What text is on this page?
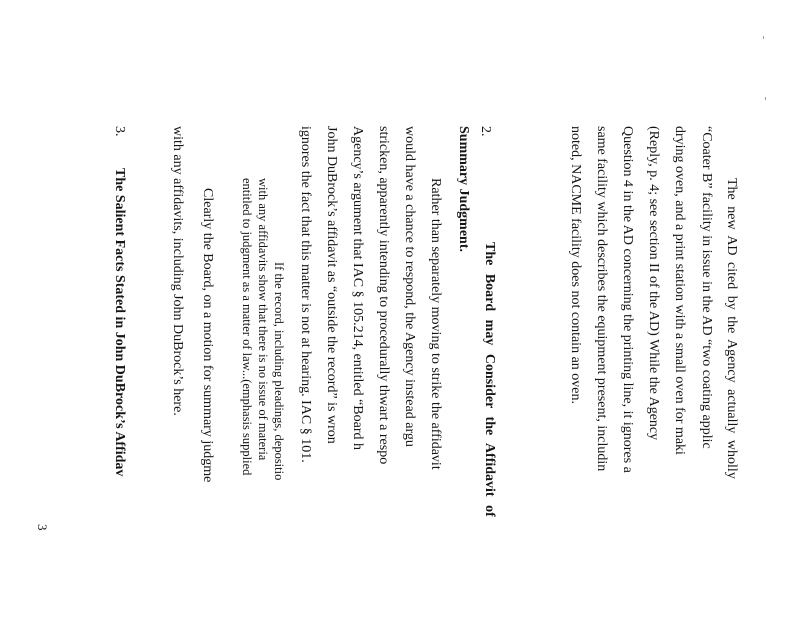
The new AD cited by the Agency actually wholly
“Coater B” facility in issue in the AD “two coating applic
drying oven, and a print station with a small oven for maki
(Reply, p. 4; see section II of the AD) While the Agency
Question 4 in the AD concerning the printing line, it ignores a
same facility which describes the equipment present, includin
noted, NACME facility does not contain an oven.
2.
The Board may Consider the Affidavit of
Summary Judgment.
Rather than separately moving to strike the affidavit
would have a chance to respond, the Agency instead argu
stricken, apparently intending to procedurally thwart a respo
Agency’s argument that IAC § 105.214, entitled “Board h
John DuBrock’s affidavit as “outside the record” is wron
ignores the fact that this matter is not at hearing. IAC § 101.
If the record, including pleadings, depositio
with any affidavits show that there is no issue of materia
entitled to judgment as a matter of law...(emphasis supplied
Clearly the Board, on a motion for summary judgme
with any affidavits, including John DuBrock’s here.
3.
The Salient Facts Stated in John DuBrock’s Affidav
3
